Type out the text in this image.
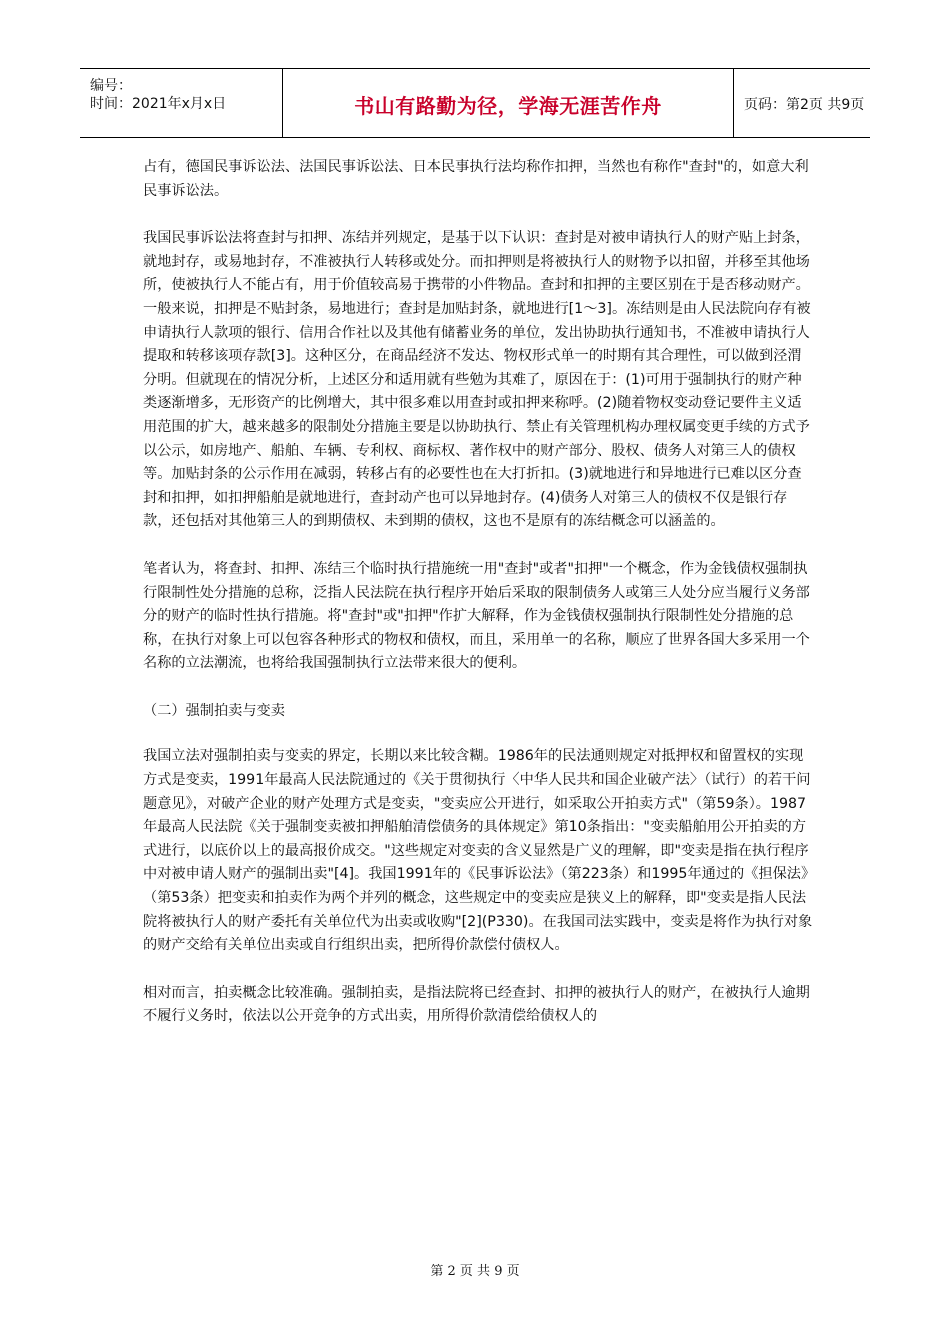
编号：
时间：2021年x月x日	书山有路勤为径，学海无涯苦作舟	页码：第2页 共9页

占有，德国民事诉讼法、法国民事诉讼法、日本民事执行法均称作扣押，当然也有称作"查封"的，如意大利民事诉讼法。

我国民事诉讼法将查封与扣押、冻结并列规定，是基于以下认识：查封是对被申请执行人的财产贴上封条，就地封存，或易地封存，不准被执行人转移或处分。而扣押则是将被执行人的财物予以扣留，并移至其他场所，使被执行人不能占有，用于价值较高易于携带的小件物品。查封和扣押的主要区别在于是否移动财产。一般来说，扣押是不贴封条，易地进行；查封是加贴封条，就地进行[1～3]。冻结则是由人民法院向存有被申请执行人款项的银行、信用合作社以及其他有储蓄业务的单位，发出协助执行通知书，不准被申请执行人提取和转移该项存款[3]。这种区分，在商品经济不发达、物权形式单一的时期有其合理性，可以做到泾渭分明。但就现在的情况分析，上述区分和适用就有些勉为其难了，原因在于：(1)可用于强制执行的财产种类逐渐增多，无形资产的比例增大，其中很多难以用查封或扣押来称呼。(2)随着物权变动登记要件主义适用范围的扩大，越来越多的限制处分措施主要是以协助执行、禁止有关管理机构办理权属变更手续的方式予以公示，如房地产、船舶、车辆、专利权、商标权、著作权中的财产部分、股权、债务人对第三人的债权等。加贴封条的公示作用在减弱，转移占有的必要性也在大打折扣。(3)就地进行和异地进行已难以区分查封和扣押，如扣押船舶是就地进行，查封动产也可以异地封存。(4)债务人对第三人的债权不仅是银行存款，还包括对其他第三人的到期债权、未到期的债权，这也不是原有的冻结概念可以涵盖的。

笔者认为，将查封、扣押、冻结三个临时执行措施统一用"查封"或者"扣押"一个概念，作为金钱债权强制执行限制性处分措施的总称，泛指人民法院在执行程序开始后采取的限制债务人或第三人处分应当履行义务部分的财产的临时性执行措施。将"查封"或"扣押"作扩大解释，作为金钱债权强制执行限制性处分措施的总称，在执行对象上可以包容各种形式的物权和债权，而且，采用单一的名称，顺应了世界各国大多采用一个名称的立法潮流，也将给我国强制执行立法带来很大的便利。

（二）强制拍卖与变卖

我国立法对强制拍卖与变卖的界定，长期以来比较含糊。1986年的民法通则规定对抵押权和留置权的实现方式是变卖，1991年最高人民法院通过的《关于贯彻执行〈中华人民共和国企业破产法〉（试行）的若干问题意见》，对破产企业的财产处理方式是变卖，"变卖应公开进行，如采取公开拍卖方式"（第59条）。1987年最高人民法院《关于强制变卖被扣押船舶清偿债务的具体规定》第10条指出："变卖船舶用公开拍卖的方式进行，以底价以上的最高报价成交。"这些规定对变卖的含义显然是广义的理解，即"变卖是指在执行程序中对被申请人财产的强制出卖"[4]。我国1991年的《民事诉讼法》（第223条）和1995年通过的《担保法》（第53条）把变卖和拍卖作为两个并列的概念，这些规定中的变卖应是狭义上的解释，即"变卖是指人民法院将被执行人的财产委托有关单位代为出卖或收购"[2](P330)。在我国司法实践中，变卖是将作为执行对象的财产交给有关单位出卖或自行组织出卖，把所得价款偿付债权人。

相对而言，拍卖概念比较准确。强制拍卖，是指法院将已经查封、扣押的被执行人的财产，在被执行人逾期不履行义务时，依法以公开竞争的方式出卖，用所得价款清偿给债权人的

第 2 页 共 9 页
